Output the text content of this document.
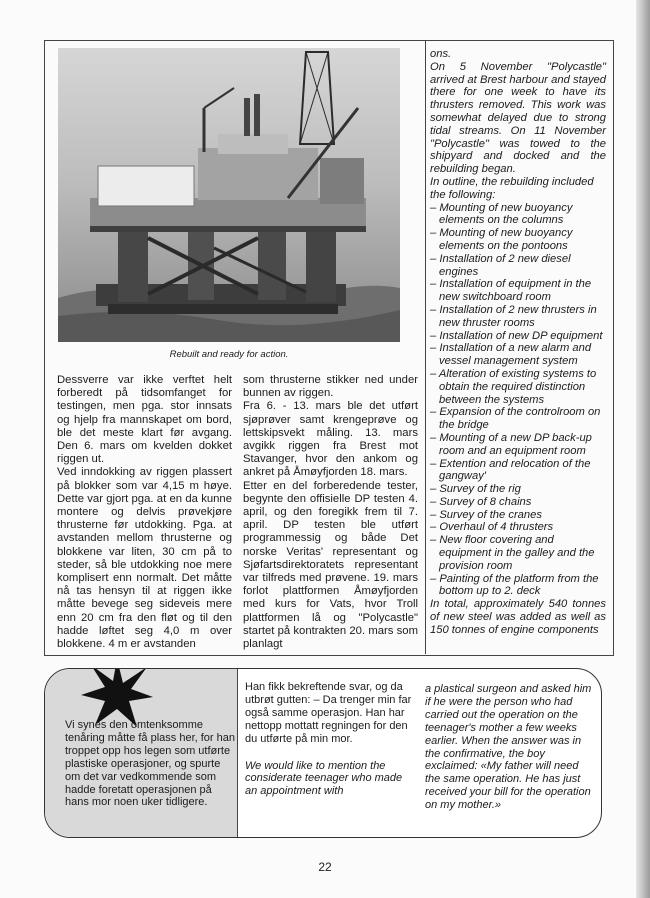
Rebuilt and ready for action.

Dessverre var ikke verftet helt forberedt på tidsomfanget for testingen, men pga. stor innsats og hjelp fra mannskapet om bord, ble det meste klart før avgang. Den 6. mars om kvelden dokket riggen ut.

Ved inndokking av riggen plassert på blokker som var 4,15 m høye. Dette var gjort pga. at en da kunne montere og delvis prøvekjøre thrusterne før utdokking. Pga. at avstanden mellom thrusterne og blokkene var liten, 30 cm på to steder, så ble utdokking noe mere komplisert enn normalt. Det måtte nå tas hensyn til at riggen ikke måtte bevege seg sideveis mere enn 20 cm fra den fløt og til den hadde løftet seg 4,0 m over blokkene. 4 m er avstanden

som thrusterne stikker ned under bunnen av riggen.

Fra 6. - 13. mars ble det utført sjøprøver samt krengeprøve og lettskipsvekt måling. 13. mars avgikk riggen fra Brest mot Stavanger, hvor den ankom og ankret på Åmøyfjorden 18. mars.

Etter en del forberedende tester, begynte den offisielle DP testen 4. april, og den foregikk frem til 7. april. DP testen ble utført programmessig og både Det norske Veritas' representant og Sjøfartsdirektoratets representant var tilfreds med prøvene. 19. mars forlot plattformen Åmøyfjorden med kurs for Vats, hvor Troll plattformen lå og "Polycastle" startet på kontrakten 20. mars som planlagt

ons.

On 5 November "Polycastle" arrived at Brest harbour and stayed there for one week to have its thrusters removed. This work was somewhat delayed due to strong tidal streams. On 11 November "Polycastle" was towed to the shipyard and docked and the rebuilding began.

In outline, the rebuilding included the following:

– Mounting of new buoyancy elements on the columns

– Mounting of new buoyancy elements on the pontoons

– Installation of 2 new diesel engines

– Installation of equipment in the new switchboard room

– Installation of 2 new thrusters in new thruster rooms

– Installation of new DP equipment

– Installation of a new alarm and vessel management system

– Alteration of existing systems to obtain the required distinction between the systems

– Expansion of the controlroom on the bridge

– Mounting of a new DP back-up room and an equipment room

– Extention and relocation of the gangway'

– Survey of the rig

– Survey of 8 chains

– Survey of the cranes

– Overhaul of 4 thrusters

– New floor covering and equipment in the galley and the provision room

– Painting of the platform from the bottom up to 2. deck

In total, approximately 540 tonnes of new steel was added as well as 150 tonnes of engine components

Vi synes den omtenksomme tenåring måtte få plass her, for han troppet opp hos legen som utførte plastiske operasjoner, og spurte om det var vedkommende som hadde foretatt operasjonen på hans mor noen uker tidligere.

Han fikk bekreftende svar, og da utbrøt gutten: – Da trenger min far også samme operasjon. Han har nettopp mottatt regningen for den du utførte på min mor.

We would like to mention the considerate teenager who made an appointment with

a plastical surgeon and asked him if he were the person who had carried out the operation on the teenager's mother a few weeks earlier. When the answer was in the confirmative, the boy exclaimed: «My father will need the same operation. He has just received your bill for the operation on my mother.»

22
